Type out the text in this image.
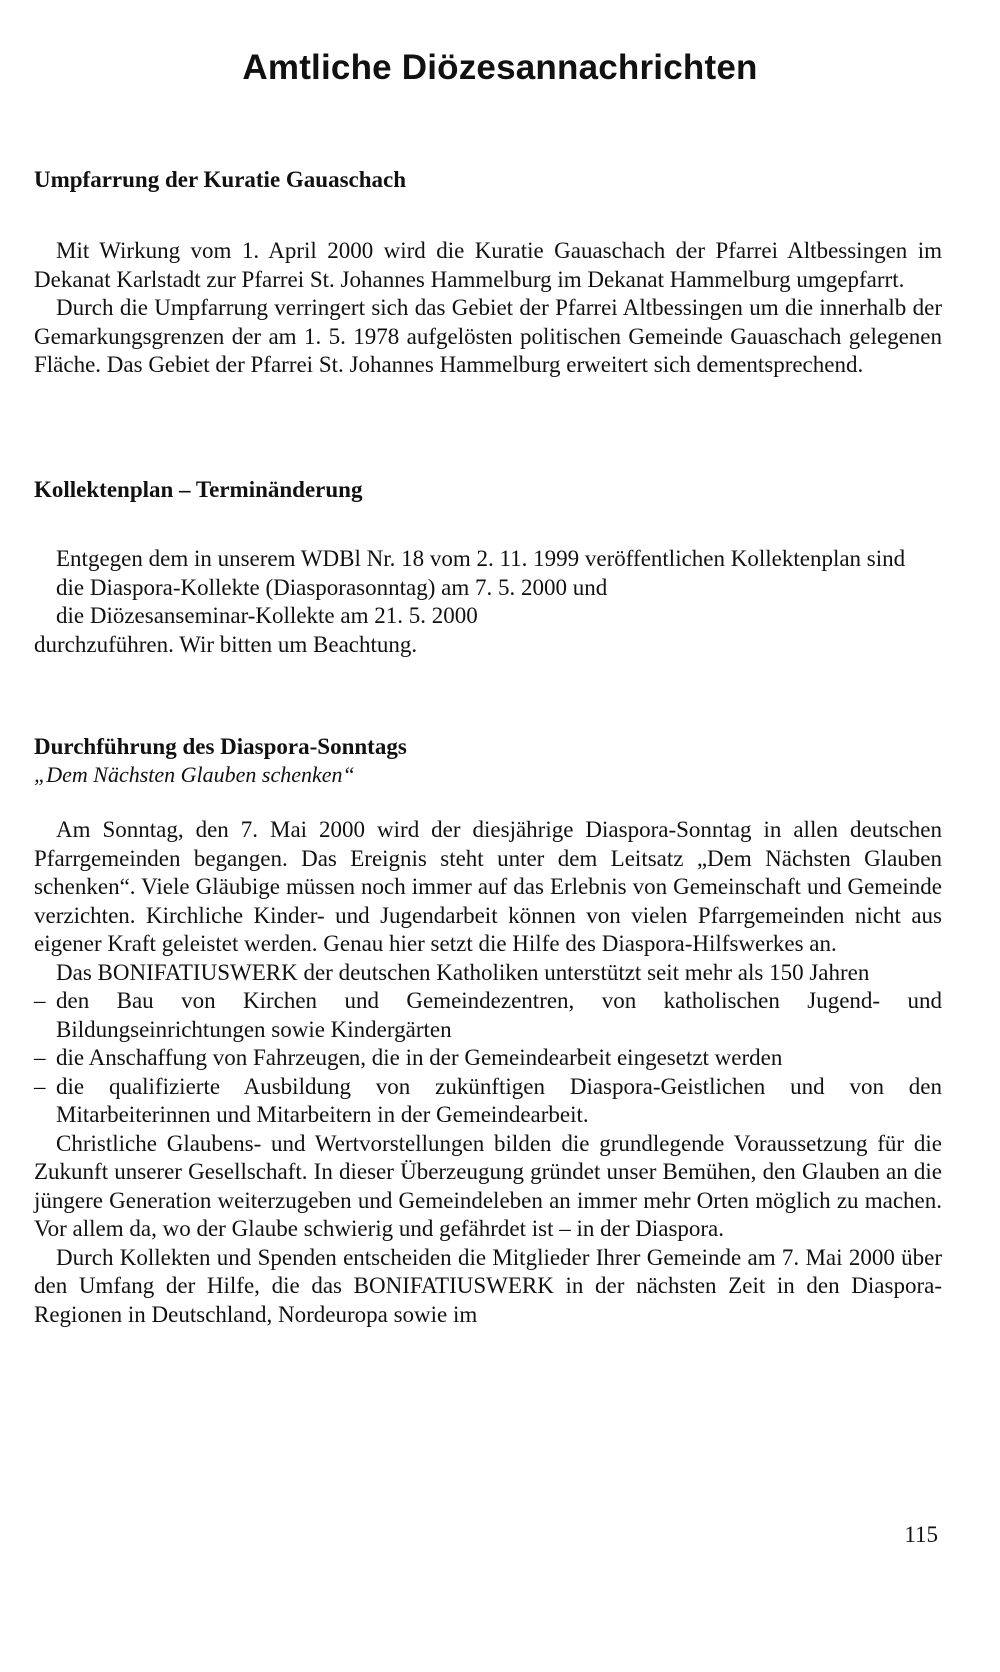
Amtliche Diözesannachrichten
Umpfarrung der Kuratie Gauaschach

Mit Wirkung vom 1. April 2000 wird die Kuratie Gauaschach der Pfarrei Altbessingen im Dekanat Karlstadt zur Pfarrei St. Johannes Hammelburg im Dekanat Hammelburg umgepfarrt.

Durch die Umpfarrung verringert sich das Gebiet der Pfarrei Altbessingen um die innerhalb der Gemarkungsgrenzen der am 1. 5. 1978 aufgelösten politischen Gemeinde Gauaschach gelegenen Fläche. Das Gebiet der Pfarrei St. Johannes Hammelburg erweitert sich dementsprechend.

Kollektenplan – Terminänderung

Entgegen dem in unserem WDBl Nr. 18 vom 2. 11. 1999 veröffentlichen Kollektenplan sind

die Diaspora-Kollekte (Diasporasonntag) am 7. 5. 2000 und

die Diözesanseminar-Kollekte am 21. 5. 2000

durchzuführen. Wir bitten um Beachtung.

Durchführung des Diaspora-Sonntags

„Dem Nächsten Glauben schenken“

Am Sonntag, den 7. Mai 2000 wird der diesjährige Diaspora-Sonntag in allen deutschen Pfarrgemeinden begangen. Das Ereignis steht unter dem Leitsatz „Dem Nächsten Glauben schenken“. Viele Gläubige müssen noch immer auf das Erlebnis von Gemeinschaft und Gemeinde verzichten. Kirchliche Kinder- und Jugendarbeit können von vielen Pfarrgemeinden nicht aus eigener Kraft geleistet werden. Genau hier setzt die Hilfe des Diaspora-Hilfswerkes an.

Das BONIFATIUSWERK der deutschen Katholiken unterstützt seit mehr als 150 Jahren

– den Bau von Kirchen und Gemeindezentren, von katholischen Jugend- und Bildungseinrichtungen sowie Kindergärten

– die Anschaffung von Fahrzeugen, die in der Gemeindearbeit eingesetzt werden

– die qualifizierte Ausbildung von zukünftigen Diaspora-Geistlichen und von den Mitarbeiterinnen und Mitarbeitern in der Gemeindearbeit.

Christliche Glaubens- und Wertvorstellungen bilden die grundlegende Voraussetzung für die Zukunft unserer Gesellschaft. In dieser Überzeugung gründet unser Bemühen, den Glauben an die jüngere Generation weiterzugeben und Gemeindeleben an immer mehr Orten möglich zu machen. Vor allem da, wo der Glaube schwierig und gefährdet ist – in der Diaspora.

Durch Kollekten und Spenden entscheiden die Mitglieder Ihrer Gemeinde am 7. Mai 2000 über den Umfang der Hilfe, die das BONIFATIUSWERK in der nächsten Zeit in den Diaspora-Regionen in Deutschland, Nordeuropa sowie im

115
